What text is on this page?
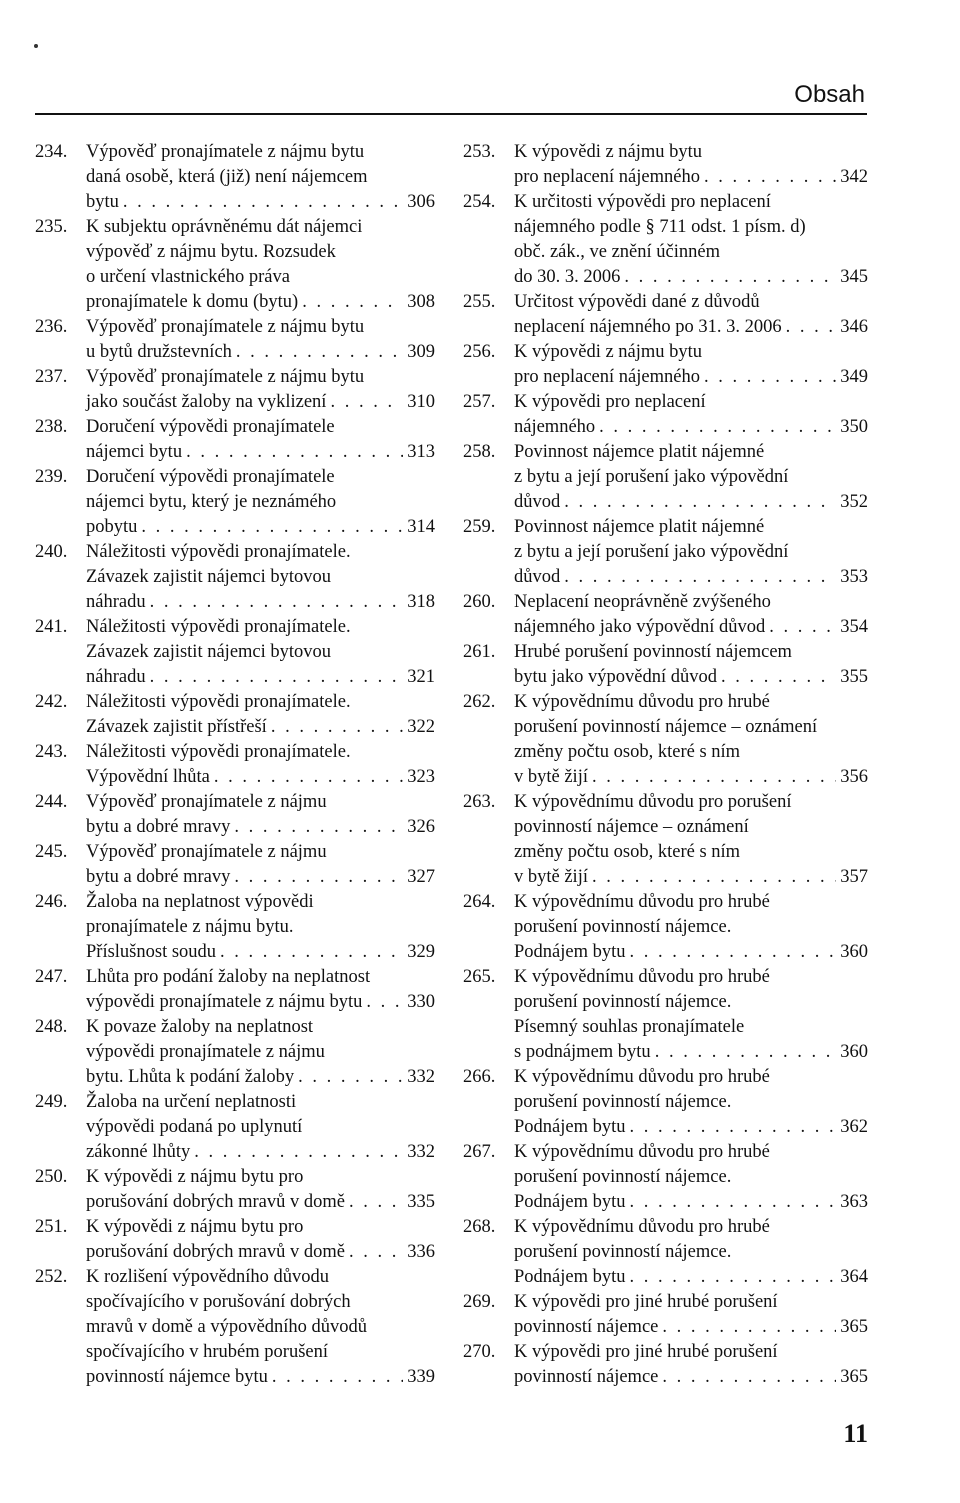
Obsah
234.	Výpověď pronajímatele z nájmu bytu
daná osobě, která (již) není nájemcem
bytu . . .	306
235.	K subjektu oprávněnému dát nájemci
výpověď z nájmu bytu. Rozsudek
o určení vlastnického práva
pronajímatele k domu (bytu) . . .	308
236.	Výpověď pronajímatele z nájmu bytu
u bytů družstevních . . .	309
237.	Výpověď pronajímatele z nájmu bytu
jako součást žaloby na vyklizení . . .	310
238.	Doručení výpovědi pronajímatele
nájemci bytu . . .	313
239.	Doručení výpovědi pronajímatele
nájemci bytu, který je neznámého
pobytu . . .	314
240.	Náležitosti výpovědi pronajímatele.
Závazek zajistit nájemci bytovou
náhradu . . .	318
241.	Náležitosti výpovědi pronajímatele.
Závazek zajistit nájemci bytovou
náhradu . . .	321
242.	Náležitosti výpovědi pronajímatele.
Závazek zajistit přístřeší . . .	322
243.	Náležitosti výpovědi pronajímatele.
Výpovědní lhůta . . .	323
244.	Výpověď pronajímatele z nájmu
bytu a dobré mravy . . .	326
245.	Výpověď pronajímatele z nájmu
bytu a dobré mravy . . .	327
246.	Žaloba na neplatnost výpovědi
pronajímatele z nájmu bytu.
Příslušnost soudu . . .	329
247.	Lhůta pro podání žaloby na neplatnost
výpovědi pronajímatele z nájmu bytu . . . 330
248.	K povaze žaloby na neplatnost
výpovědi pronajímatele z nájmu
bytu. Lhůta k podání žaloby . . .	332
249.	Žaloba na určení neplatnosti
výpovědi podaná po uplynutí
zákonné lhůty . . .	332
250.	K výpovědi z nájmu bytu pro
porušování dobrých mravů v domě . . .	335
251.	K výpovědi z nájmu bytu pro
porušování dobrých mravů v domě . . .	336
252.	K rozlišení výpovědního důvodu
spočívajícího v porušování dobrých
mravů v domě a výpovědního důvodů
spočívajícího v hrubém porušení
povinností nájemce bytu . . .	339
253.	K výpovědi z nájmu bytu
pro neplacení nájemného . . .	342
254.	K určitosti výpovědi pro neplacení
nájemného podle § 711 odst. 1 písm. d)
obč. zák., ve znění účinném
do 30. 3. 2006 . . .	345
255.	Určitost výpovědi dané z důvodů
neplacení nájemného po 31. 3. 2006 . . .	346
256.	K výpovědi z nájmu bytu
pro neplacení nájemného . . .	349
257.	K výpovědi pro neplacení
nájemného . . .	350
258.	Povinnost nájemce platit nájemné
z bytu a její porušení jako výpovědní
důvod . . .	352
259.	Povinnost nájemce platit nájemné
z bytu a její porušení jako výpovědní
důvod . . .	353
260.	Neplacení neoprávněně zvýšeného
nájemného jako výpovědní důvod . . .	354
261.	Hrubé porušení povinností nájemcem
bytu jako výpovědní důvod . . .	355
262.	K výpovědnímu důvodu pro hrubé
porušení povinností nájemce – oznámení
změny počtu osob, které s ním
v bytě žijí . . .	356
263.	K výpovědnímu důvodu pro porušení
povinností nájemce – oznámení
změny počtu osob, které s ním
v bytě žijí . . .	357
264.	K výpovědnímu důvodu pro hrubé
porušení povinností nájemce.
Podnájem bytu . . .	360
265.	K výpovědnímu důvodu pro hrubé
porušení povinností nájemce.
Písemný souhlas pronajímatele
s podnájmem bytu . . .	360
266.	K výpovědnímu důvodu pro hrubé
porušení povinností nájemce.
Podnájem bytu . . .	362
267.	K výpovědnímu důvodu pro hrubé
porušení povinností nájemce.
Podnájem bytu . . .	363
268.	K výpovědnímu důvodu pro hrubé
porušení povinností nájemce.
Podnájem bytu . . .	364
269.	K výpovědi pro jiné hrubé porušení
povinností nájemce . . .	365
270.	K výpovědi pro jiné hrubé porušení
povinností nájemce . . .	365
11
